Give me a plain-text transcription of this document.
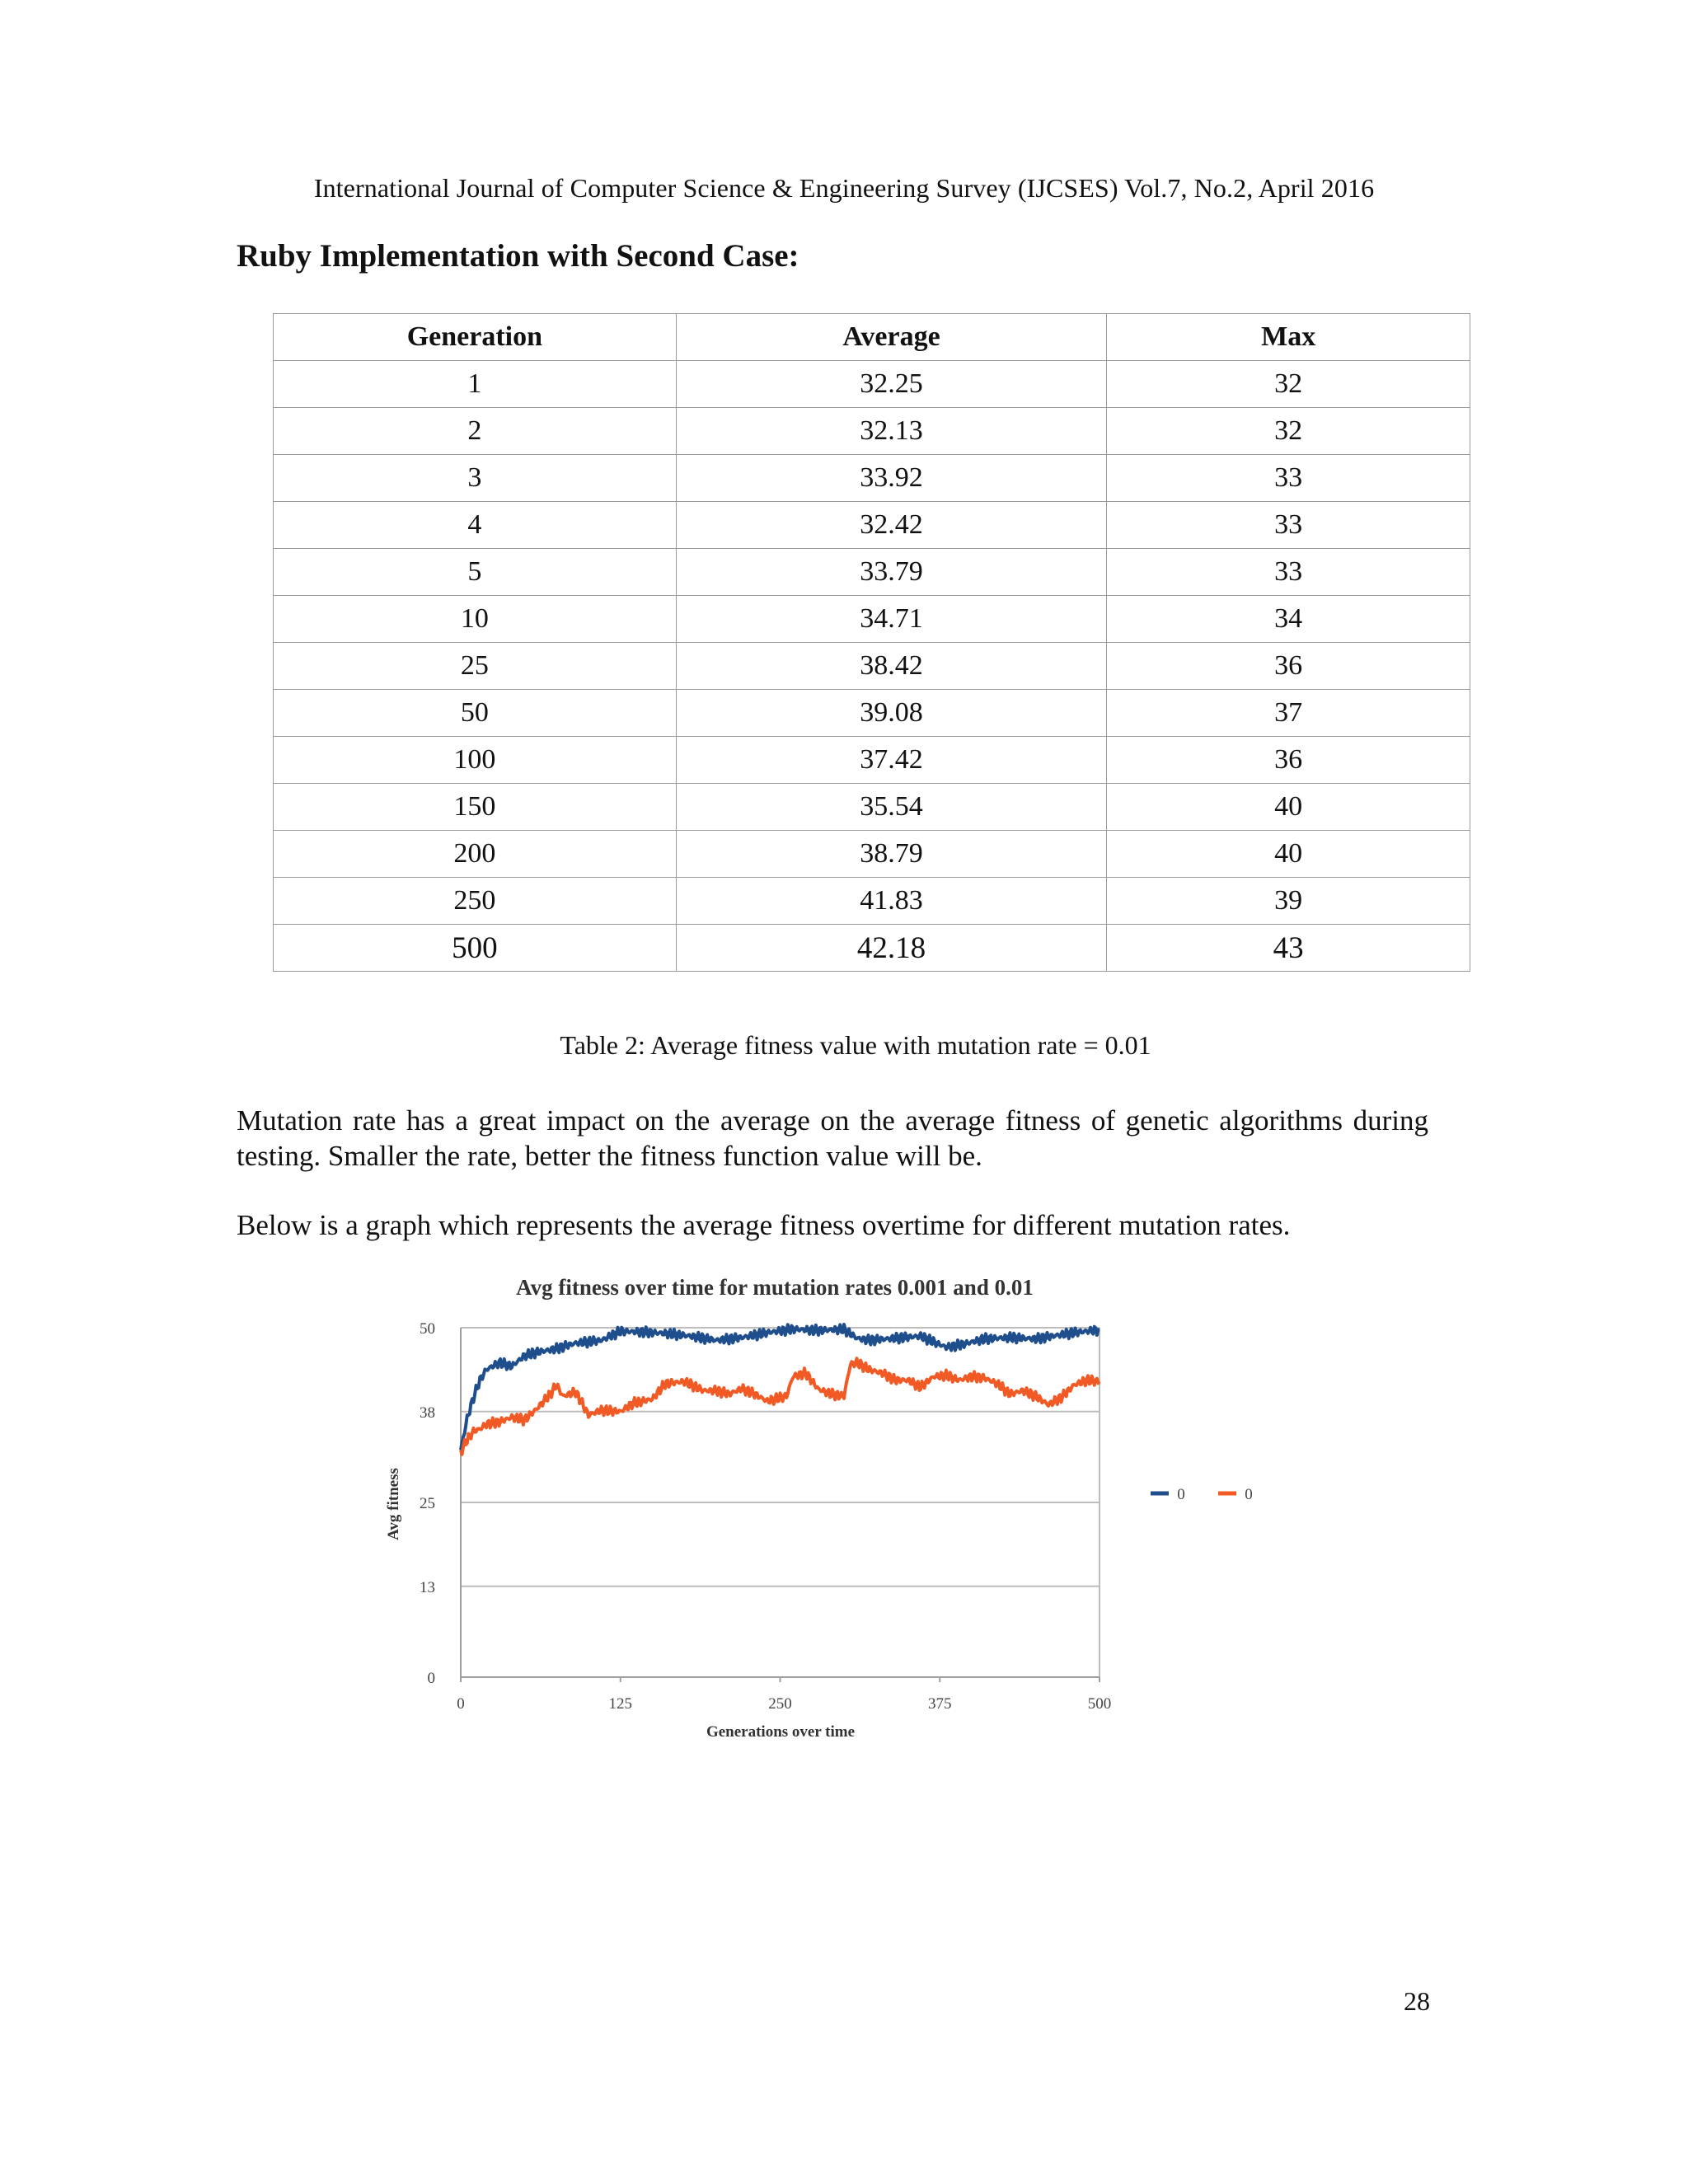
International Journal of Computer Science & Engineering Survey (IJCSES) Vol.7, No.2, April 2016
Ruby Implementation with Second Case:
Generation	Average	Max
1	32.25	32
2	32.13	32
3	33.92	33
4	32.42	33
5	33.79	33
10	34.71	34
25	38.42	36
50	39.08	37
100	37.42	36
150	35.54	40
200	38.79	40
250	41.83	39
500	42.18	43
Table 2: Average fitness value with mutation rate = 0.01
Mutation rate has a great impact on the average on the average fitness of genetic algorithms during testing. Smaller the rate, better the fitness function value will be.
Below is a graph which represents the average fitness overtime for different mutation rates.
Avg fitness over time for mutation rates 0.001 and 0.01
0
13
25
38
50
0	125	250	375	500
Generations over time
Avg fitness	0	0
28
